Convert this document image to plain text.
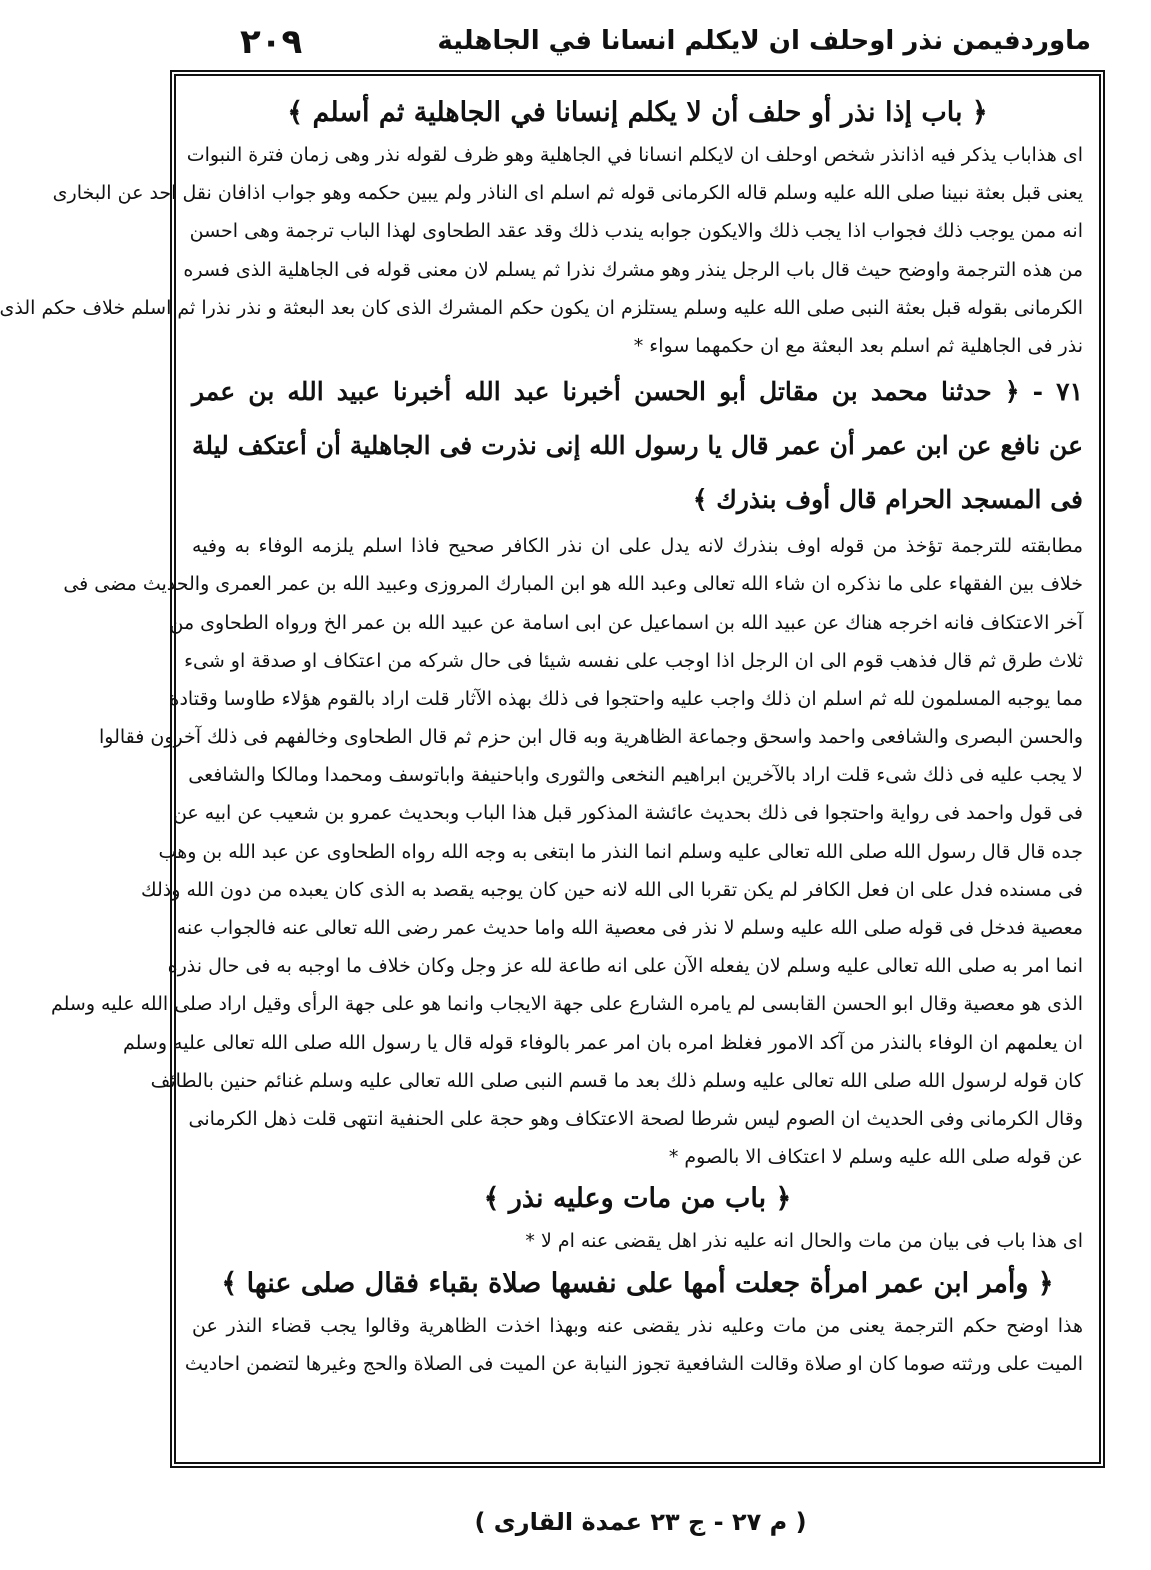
٢٠٩	ماوردفيمن نذر اوحلف ان لايكلم انسانا في الجاهلية
﴿ باب إذا نذر أو حلف أن لا يكلم إنسانا في الجاهلية ثم أسلم ﴾
اى هذاباب يذكر فيه اذانذر شخص اوحلف ان لايكلم انسانا في الجاهلية وهو ظرف لقوله نذر وهى زمان فترة النبوات
يعنى قبل بعثة نبينا صلى الله عليه وسلم قاله الكرمانى قوله ثم اسلم اى الناذر ولم يبين حكمه وهو جواب اذافان نقل احد عن البخارى
انه ممن يوجب ذلك فجواب اذا يجب ذلك والايكون جوابه يندب ذلك وقد عقد الطحاوى لهذا الباب ترجمة وهى احسن
من هذه الترجمة واوضح حيث قال باب الرجل ينذر وهو مشرك نذرا ثم يسلم لان معنى قوله فى الجاهلية الذى فسره
الكرمانى بقوله قبل بعثة النبى صلى الله عليه وسلم يستلزم ان يكون حكم المشرك الذى كان بعد البعثة و نذر نذرا ثم اسلم خلاف حكم الذى
نذر فى الجاهلية ثم اسلم بعد البعثة مع ان حكمهما سواء *
٧١ - ﴿ حدثنا محمد بن مقاتل أبو الحسن أخبرنا عبد الله أخبرنا عبيد الله بن عمر
عن نافع عن ابن عمر أن عمر قال يا رسول الله إنى نذرت فى الجاهلية أن أعتكف ليلة
فى المسجد الحرام قال أوف بنذرك ﴾
مطابقته للترجمة تؤخذ من قوله اوف بنذرك لانه يدل على ان نذر الكافر صحيح فاذا اسلم يلزمه الوفاء به وفيه
خلاف بين الفقهاء على ما نذكره ان شاء الله تعالى وعبد الله هو ابن المبارك المروزى وعبيد الله بن عمر العمرى والحديث مضى فى
آخر الاعتكاف فانه اخرجه هناك عن عبيد الله بن اسماعيل عن ابى اسامة عن عبيد الله بن عمر الخ ورواه الطحاوى من
ثلاث طرق ثم قال فذهب قوم الى ان الرجل اذا اوجب على نفسه شيئا فى حال شركه من اعتكاف او صدقة او شىء
مما يوجبه المسلمون لله ثم اسلم ان ذلك واجب عليه واحتجوا فى ذلك بهذه الآثار قلت اراد بالقوم هؤلاء طاوسا وقتادة
والحسن البصرى والشافعى واحمد واسحق وجماعة الظاهرية وبه قال ابن حزم ثم قال الطحاوى وخالفهم فى ذلك آخرون فقالوا
لا يجب عليه فى ذلك شىء قلت اراد بالآخرين ابراهيم النخعى والثورى واباحنيفة واباتوسف ومحمدا ومالكا والشافعى
فى قول واحمد فى رواية واحتجوا فى ذلك بحديث عائشة المذكور قبل هذا الباب وبحديث عمرو بن شعيب عن ابيه عن
جده قال قال رسول الله صلى الله تعالى عليه وسلم انما النذر ما ابتغى به وجه الله رواه الطحاوى عن عبد الله بن وهب
فى مسنده فدل على ان فعل الكافر لم يكن تقربا الى الله لانه حين كان يوجبه يقصد به الذى كان يعبده من دون الله وذلك
معصية فدخل فى قوله صلى الله عليه وسلم لا نذر فى معصية الله واما حديث عمر رضى الله تعالى عنه فالجواب عنه
انما امر به صلى الله تعالى عليه وسلم لان يفعله الآن على انه طاعة لله عز وجل وكان خلاف ما اوجبه به فى حال نذره
الذى هو معصية وقال ابو الحسن القابسى لم يامره الشارع على جهة الايجاب وانما هو على جهة الرأى وقيل اراد صلى الله عليه وسلم
ان يعلمهم ان الوفاء بالنذر من آكد الامور فغلظ امره بان امر عمر بالوفاء قوله قال يا رسول الله صلى الله تعالى عليه وسلم
كان قوله لرسول الله صلى الله تعالى عليه وسلم ذلك بعد ما قسم النبى صلى الله تعالى عليه وسلم غنائم حنين بالطائف
وقال الكرمانى وفى الحديث ان الصوم ليس شرطا لصحة الاعتكاف وهو حجة على الحنفية انتهى قلت ذهل الكرمانى
عن قوله صلى الله عليه وسلم لا اعتكاف الا بالصوم *
﴿ باب من مات وعليه نذر ﴾
اى هذا باب فى بيان من مات والحال انه عليه نذر اهل يقضى عنه ام لا *
﴿ وأمر ابن عمر امرأة جعلت أمها على نفسها صلاة بقباء فقال صلى عنها ﴾
هذا اوضح حكم الترجمة يعنى من مات وعليه نذر يقضى عنه وبهذا اخذت الظاهرية وقالوا يجب قضاء النذر عن
الميت على ورثته صوما كان او صلاة وقالت الشافعية تجوز النيابة عن الميت فى الصلاة والحج وغيرها لتضمن احاديث
( م ٢٧ - ج ٢٣ عمدة القارى )
